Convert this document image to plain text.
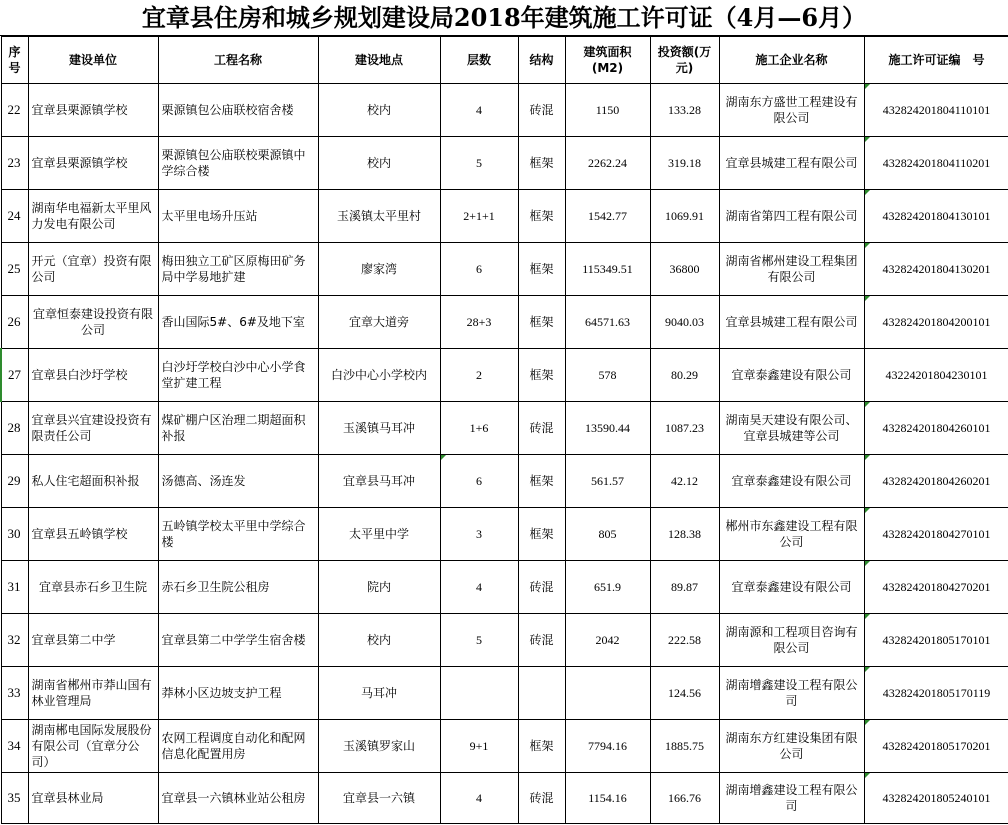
宜章县住房和城乡规划建设局2018年建筑施工许可证（4月—6月）
序号	建设单位	工程名称	建设地点	层数	结构	建筑面积(M2)	投资额(万元)	施工企业名称	施工许可证编　号
22	宜章县栗源镇学校	栗源镇包公庙联校宿舍楼	校内	4	砖混	1150	133.28	湖南东方盛世工程建设有限公司	432824201804110101
23	宜章县栗源镇学校	栗源镇包公庙联校栗源镇中学综合楼	校内	5	框架	2262.24	319.18	宜章县城建工程有限公司	432824201804110201
24	湖南华电福新太平里风力发电有限公司	太平里电场升压站	玉溪镇太平里村	2+1+1	框架	1542.77	1069.91	湖南省第四工程有限公司	432824201804130101
25	开元（宜章）投资有限公司	梅田独立工矿区原梅田矿务局中学易地扩建	廖家湾	6	框架	115349.51	36800	湖南省郴州建设工程集团有限公司	432824201804130201
26	宜章恒泰建设投资有限公司	香山国际5#、6#及地下室	宜章大道旁	28+3	框架	64571.63	9040.03	宜章县城建工程有限公司	432824201804200101
27	宜章县白沙圩学校	白沙圩学校白沙中心小学食堂扩建工程	白沙中心小学校内	2	框架	578	80.29	宜章泰鑫建设有限公司	43224201804230101
28	宜章县兴宜建设投资有限责任公司	煤矿棚户区治理二期超面积补报	玉溪镇马耳冲	1+6	砖混	13590.44	1087.23	湖南昊天建设有限公司、宜章县城建等公司	432824201804260101
29	私人住宅超面积补报	汤德高、汤连发	宜章县马耳冲	6	框架	561.57	42.12	宜章泰鑫建设有限公司	432824201804260201
30	宜章县五岭镇学校	五岭镇学校太平里中学综合楼	太平里中学	3	框架	805	128.38	郴州市东鑫建设工程有限公司	432824201804270101
31	宜章县赤石乡卫生院	赤石乡卫生院公租房	院内	4	砖混	651.9	89.87	宜章泰鑫建设有限公司	432824201804270201
32	宜章县第二中学	宜章县第二中学学生宿舍楼	校内	5	砖混	2042	222.58	湖南源和工程项目咨询有限公司	432824201805170101
33	湖南省郴州市莽山国有林业管理局	莽林小区边坡支护工程	马耳冲				124.56	湖南增鑫建设工程有限公司	432824201805170119
34	湖南郴电国际发展股份有限公司（宜章分公司）	农网工程调度自动化和配网信息化配置用房	玉溪镇罗家山	9+1	框架	7794.16	1885.75	湖南东方红建设集团有限公司	432824201805170201
35	宜章县林业局	宜章县一六镇林业站公租房	宜章县一六镇	4	砖混	1154.16	166.76	湖南增鑫建设工程有限公司	432824201805240101
